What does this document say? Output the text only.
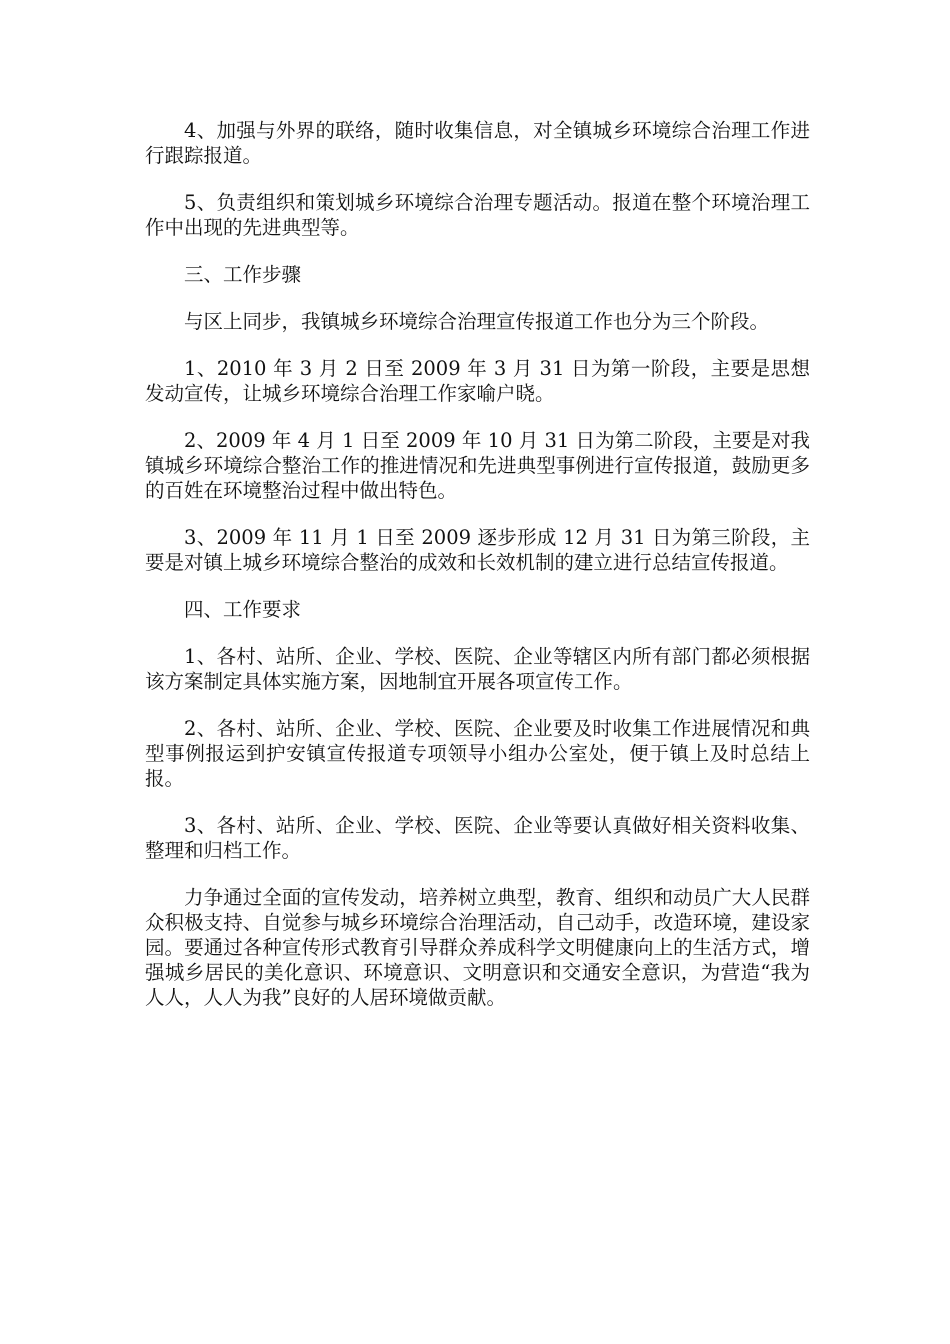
4、加强与外界的联络，随时收集信息，对全镇城乡环境综合治理工作进行跟踪报道。

5、负责组织和策划城乡环境综合治理专题活动。报道在整个环境治理工作中出现的先进典型等。

三、工作步骤

与区上同步，我镇城乡环境综合治理宣传报道工作也分为三个阶段。

1、2010 年 3 月 2 日至 2009 年 3 月 31 日为第一阶段，主要是思想发动宣传，让城乡环境综合治理工作家喻户晓。

2、2009 年 4 月 1 日至 2009 年 10 月 31 日为第二阶段，主要是对我镇城乡环境综合整治工作的推进情况和先进典型事例进行宣传报道，鼓励更多的百姓在环境整治过程中做出特色。

3、2009 年 11 月 1 日至 2009 逐步形成 12 月 31 日为第三阶段，主要是对镇上城乡环境综合整治的成效和长效机制的建立进行总结宣传报道。

四、工作要求

1、各村、站所、企业、学校、医院、企业等辖区内所有部门都必须根据该方案制定具体实施方案，因地制宜开展各项宣传工作。

2、各村、站所、企业、学校、医院、企业要及时收集工作进展情况和典型事例报运到护安镇宣传报道专项领导小组办公室处，便于镇上及时总结上报。

3、各村、站所、企业、学校、医院、企业等要认真做好相关资料收集、整理和归档工作。

力争通过全面的宣传发动，培养树立典型，教育、组织和动员广大人民群众积极支持、自觉参与城乡环境综合治理活动，自己动手，改造环境，建设家园。要通过各种宣传形式教育引导群众养成科学文明健康向上的生活方式，增强城乡居民的美化意识、环境意识、文明意识和交通安全意识，为营造“我为人人，人人为我”良好的人居环境做贡献。
